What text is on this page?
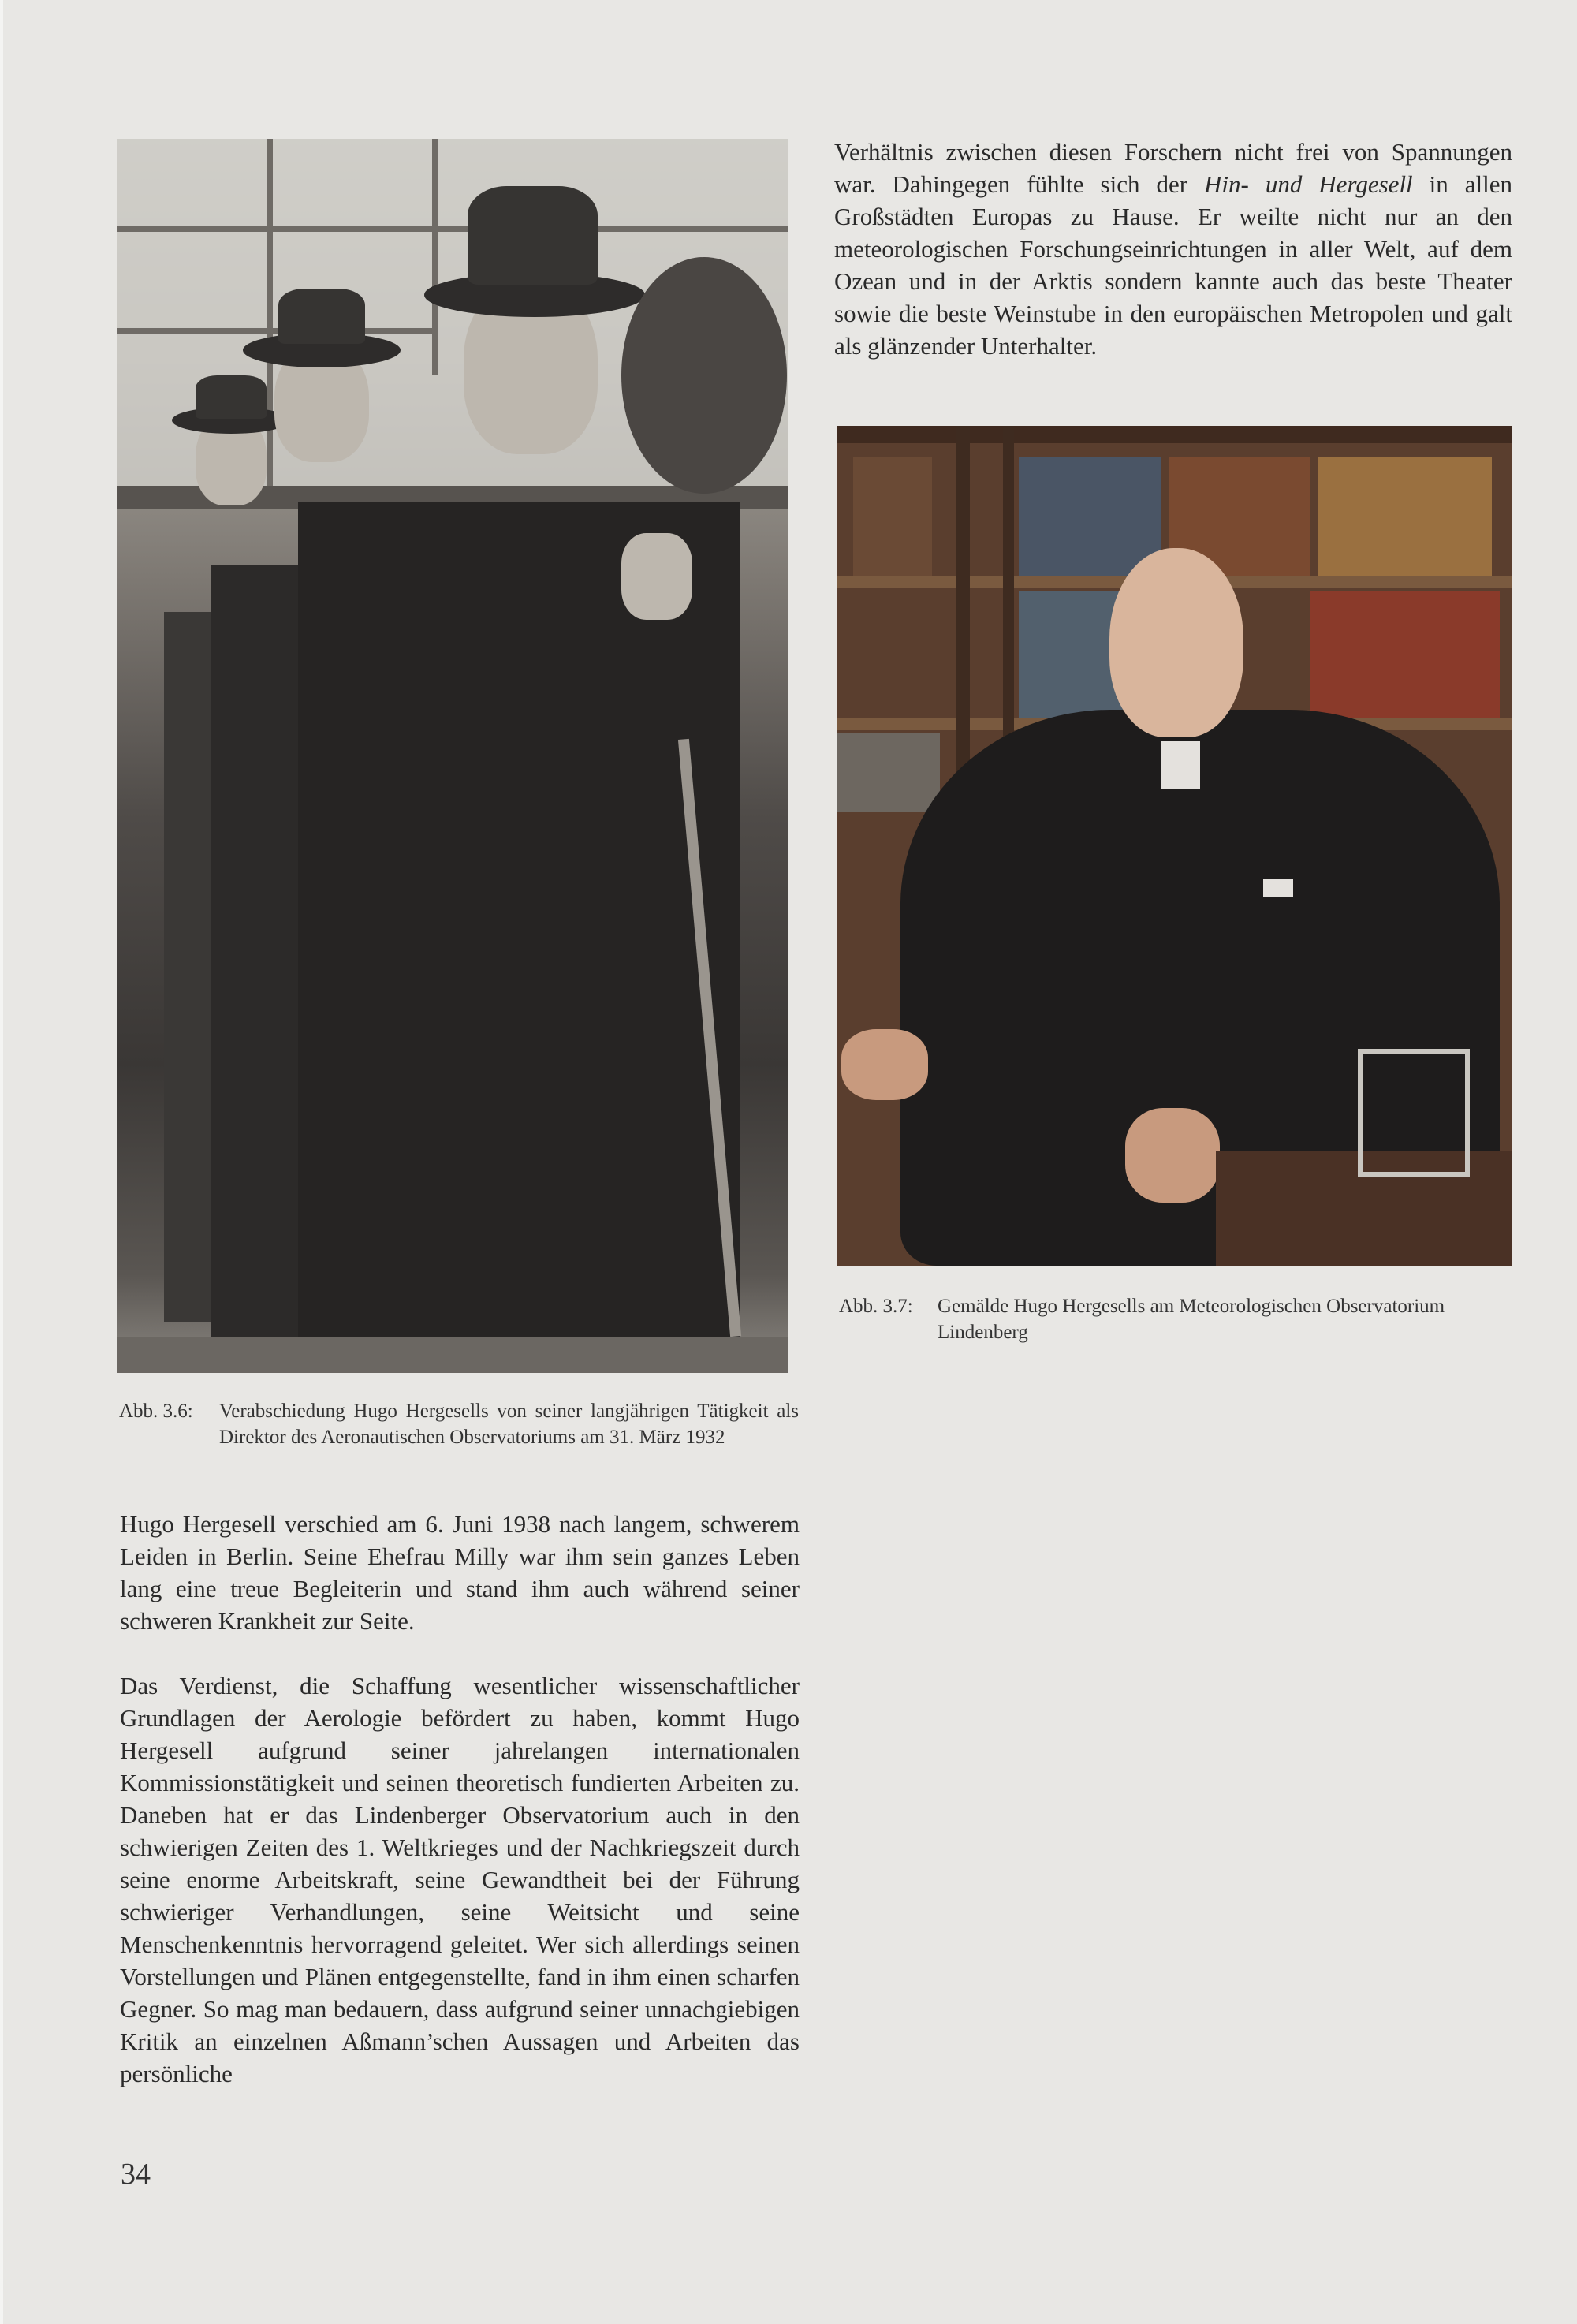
Verhältnis zwischen diesen Forschern nicht frei von Spannungen war. Dahingegen fühlte sich der Hin- und Hergesell in allen Großstädten Europas zu Hause. Er weilte nicht nur an den meteorologischen Forschungseinrichtungen in aller Welt, auf dem Ozean und in der Arktis sondern kannte auch das beste Theater sowie die beste Weinstube in den europäischen Metropolen und galt als glänzender Unterhalter.

Abb. 3.7: Gemälde Hugo Hergesells am Meteorologischen Observatorium Lindenberg
Abb. 3.6: Verabschiedung Hugo Hergesells von seiner langjährigen Tätigkeit als Direktor des Aeronautischen Observatoriums am 31. März 1932

Hugo Hergesell verschied am 6. Juni 1938 nach langem, schwerem Leiden in Berlin. Seine Ehefrau Milly war ihm sein ganzes Leben lang eine treue Begleiterin und stand ihm auch während seiner schweren Krankheit zur Seite.

Das Verdienst, die Schaffung wesentlicher wissenschaftlicher Grundlagen der Aerologie befördert zu haben, kommt Hugo Hergesell aufgrund seiner jahrelangen internationalen Kommissionstätigkeit und seinen theoretisch fundierten Arbeiten zu. Daneben hat er das Lindenberger Observatorium auch in den schwierigen Zeiten des 1. Weltkrieges und der Nachkriegszeit durch seine enorme Arbeitskraft, seine Gewandtheit bei der Führung schwieriger Verhandlungen, seine Weitsicht und seine Menschenkenntnis hervorragend geleitet. Wer sich allerdings seinen Vorstellungen und Plänen entgegenstellte, fand in ihm einen scharfen Gegner. So mag man bedauern, dass aufgrund seiner unnachgiebigen Kritik an einzelnen Aßmann’schen Aussagen und Arbeiten das persönliche

34
